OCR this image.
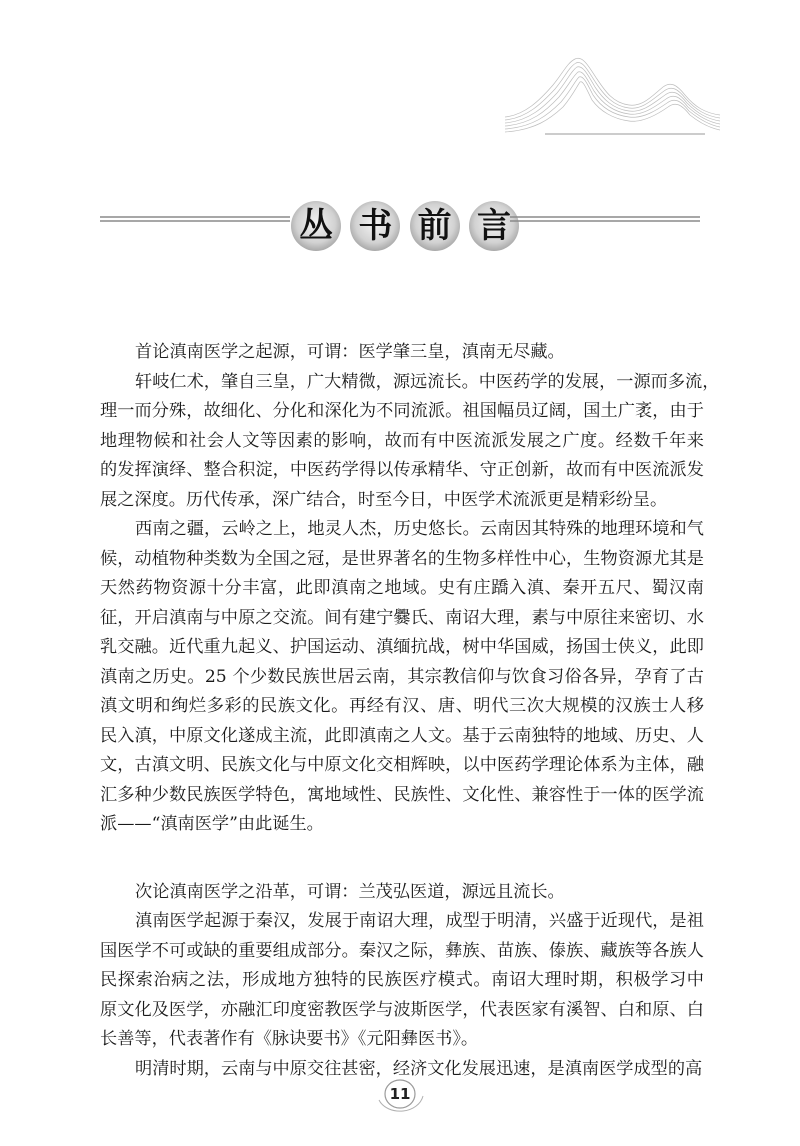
丛 书 前 言

首论滇南医学之起源，可谓：医学肇三皇，滇南无尽藏。

轩岐仁术，肇自三皇，广大精微，源远流长。中医药学的发展，一源而多流，

理一而分殊，故细化、分化和深化为不同流派。祖国幅员辽阔，国土广袤，由于

地理物候和社会人文等因素的影响，故而有中医流派发展之广度。经数千年来

的发挥演绎、整合积淀，中医药学得以传承精华、守正创新，故而有中医流派发

展之深度。历代传承，深广结合，时至今日，中医学术流派更是精彩纷呈。

西南之疆，云岭之上，地灵人杰，历史悠长。云南因其特殊的地理环境和气

候，动植物种类数为全国之冠，是世界著名的生物多样性中心，生物资源尤其是

天然药物资源十分丰富，此即滇南之地域。史有庄蹻入滇、秦开五尺、蜀汉南

征，开启滇南与中原之交流。间有建宁爨氏、南诏大理，素与中原往来密切、水

乳交融。近代重九起义、护国运动、滇缅抗战，树中华国威，扬国士侠义，此即

滇南之历史。25 个少数民族世居云南，其宗教信仰与饮食习俗各异，孕育了古

滇文明和绚烂多彩的民族文化。再经有汉、唐、明代三次大规模的汉族士人移

民入滇，中原文化遂成主流，此即滇南之人文。基于云南独特的地域、历史、人

文，古滇文明、民族文化与中原文化交相辉映，以中医药学理论体系为主体，融

汇多种少数民族医学特色，寓地域性、民族性、文化性、兼容性于一体的医学流

派——“滇南医学”由此诞生。

次论滇南医学之沿革，可谓：兰茂弘医道，源远且流长。

滇南医学起源于秦汉，发展于南诏大理，成型于明清，兴盛于近现代，是祖

国医学不可或缺的重要组成部分。秦汉之际，彝族、苗族、傣族、藏族等各族人

民探索治病之法，形成地方独特的民族医疗模式。南诏大理时期，积极学习中

原文化及医学，亦融汇印度密教医学与波斯医学，代表医家有溪智、白和原、白

长善等，代表著作有《脉诀要书》《元阳彝医书》。

明清时期，云南与中原交往甚密，经济文化发展迅速，是滇南医学成型的高

11
